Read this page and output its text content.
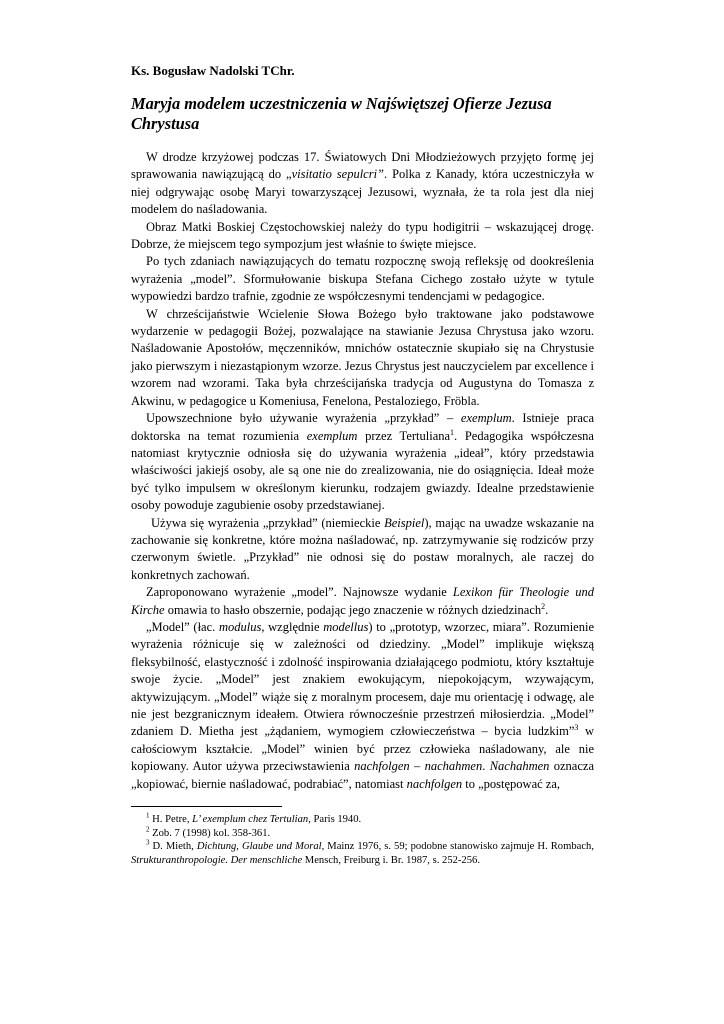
Ks. Bogusław Nadolski TChr.

Maryja modelem uczestniczenia w Najświętszej Ofierze Jezusa Chrystusa

W drodze krzyżowej podczas 17. Światowych Dni Młodzieżowych przyjęto formę jej sprawowania nawiązującą do „visitatio sepulcri”. Polka z Kanady, która uczestniczyła w niej odgrywając osobę Maryi towarzyszącej Jezusowi, wyznała, że ta rola jest dla niej modelem do naśladowania.

Obraz Matki Boskiej Częstochowskiej należy do typu hodigitrii – wskazującej drogę. Dobrze, że miejscem tego sympozjum jest właśnie to święte miejsce.

Po tych zdaniach nawiązujących do tematu rozpocznę swoją refleksję od dookreślenia wyrażenia „model”. Sformułowanie biskupa Stefana Cichego zostało użyte w tytule wypowiedzi bardzo trafnie, zgodnie ze współczesnymi tendencjami w pedagogice.

W chrześcijaństwie Wcielenie Słowa Bożego było traktowane jako podstawowe wydarzenie w pedagogii Bożej, pozwalające na stawianie Jezusa Chrystusa jako wzoru. Naśladowanie Apostołów, męczenników, mnichów ostatecznie skupiało się na Chrystusie jako pierwszym i niezastąpionym wzorze. Jezus Chrystus jest nauczycielem par excellence i wzorem nad wzorami. Taka była chrześcijańska tradycja od Augustyna do Tomasza z Akwinu, w pedagogice u Komeniusa, Fenelona, Pestaloziego, Fröbla.

Upowszechnione było używanie wyrażenia „przykład” – exemplum. Istnieje praca doktorska na temat rozumienia exemplum przez Tertuliana$^1$. Pedagogika współczesna natomiast krytycznie odniosła się do używania wyrażenia „ideał”, który przedstawia właściwości jakiejś osoby, ale są one nie do zrealizowania, nie do osiągnięcia. Ideał może być tylko impulsem w określonym kierunku, rodzajem gwiazdy. Idealne przedstawienie osoby powoduje zagubienie osoby przedstawianej.

Używa się wyrażenia „przykład” (niemieckie Beispiel), mając na uwadze wskazanie na zachowanie się konkretne, które można naśladować, np. zatrzymywanie się rodziców przy czerwonym świetle. „Przykład” nie odnosi się do postaw moralnych, ale raczej do konkretnych zachowań.

Zaproponowano wyrażenie „model”. Najnowsze wydanie Lexikon für Theologie und Kirche omawia to hasło obszernie, podając jego znaczenie w różnych dziedzinach$^2$.

„Model” (łac. modulus, względnie modellus) to „prototyp, wzorzec, miara”. Rozumienie wyrażenia różnicuje się w zależności od dziedziny. „Model” implikuje większą fleksybilność, elastyczność i zdolność inspirowania działającego podmiotu, który kształtuje swoje życie. „Model” jest znakiem ewokującym, niepokojącym, wzywającym, aktywizującym. „Model” wiąże się z moralnym procesem, daje mu orientację i odwagę, ale nie jest bezgranicznym ideałem. Otwiera równocześnie przestrzeń miłosierdzia. „Model” zdaniem D. Mietha jest „żądaniem, wymogiem człowieczeństwa – bycia ludzkim”$^3$ w całościowym kształcie. „Model” winien być przez człowieka naśladowany, ale nie kopiowany. Autor używa przeciwstawienia nachfolgen – nachahmen. Nachahmen oznacza „kopiować, biernie naśladować, podrabiać”, natomiast nachfolgen to „postępować za,

$^1$ H. Petre, L’ exemplum chez Tertulian, Paris 1940.

$^2$ Zob. 7 (1998) kol. 358-361.

$^3$ D. Mieth, Dichtung, Glaube und Moral, Mainz 1976, s. 59; podobne stanowisko zajmuje H. Rombach, Strukturanthropologie. Der menschliche Mensch, Freiburg i. Br. 1987, s. 252-256.
